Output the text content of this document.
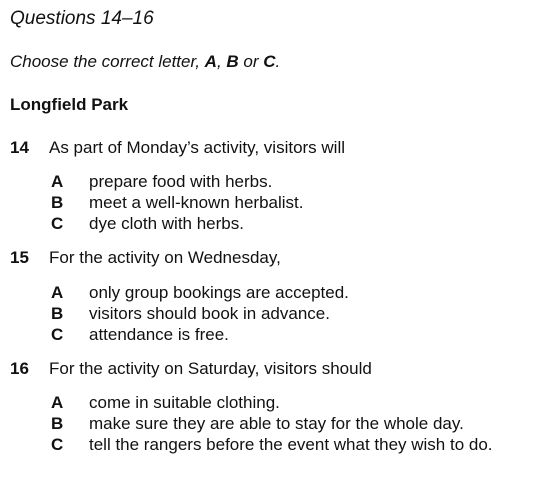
Questions 14–16
Choose the correct letter, A, B or C.
Longfield Park
14 As part of Monday’s activity, visitors will
A prepare food with herbs.
B meet a well-known herbalist.
C dye cloth with herbs.
15 For the activity on Wednesday,
A only group bookings are accepted.
B visitors should book in advance.
C attendance is free.
16 For the activity on Saturday, visitors should
A come in suitable clothing.
B make sure they are able to stay for the whole day.
C tell the rangers before the event what they wish to do.
